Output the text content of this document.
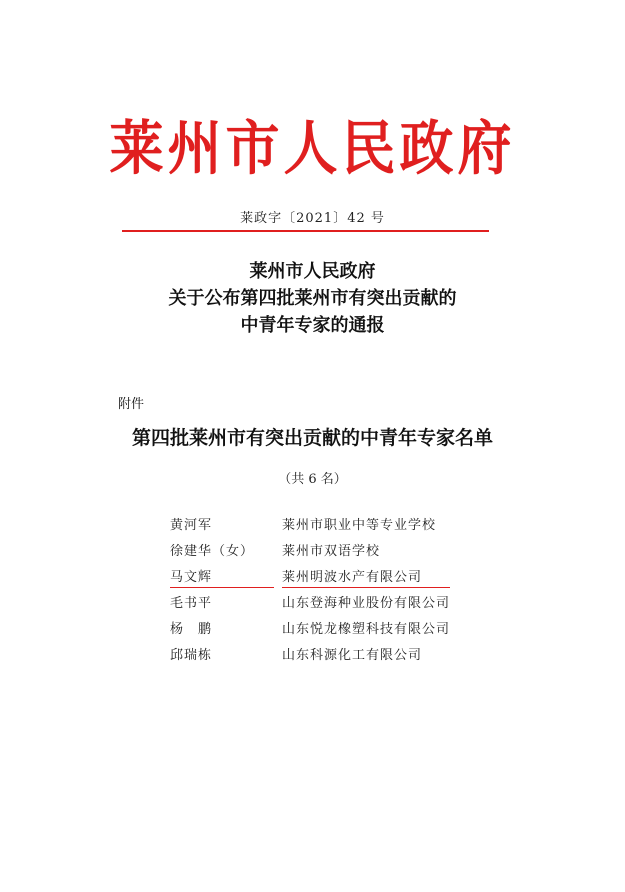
莱州市人民政府
莱政字〔2021〕42 号
莱州市人民政府
关于公布第四批莱州市有突出贡献的
中青年专家的通报
附件
第四批莱州市有突出贡献的中青年专家名单
（共 6 名）
黄河军	莱州市职业中等专业学校
徐建华（女） 莱州市双语学校
马文辉	莱州明波水产有限公司
毛书平	山东登海种业股份有限公司
杨　鹏	山东悦龙橡塑科技有限公司
邱瑞栋	山东科源化工有限公司
